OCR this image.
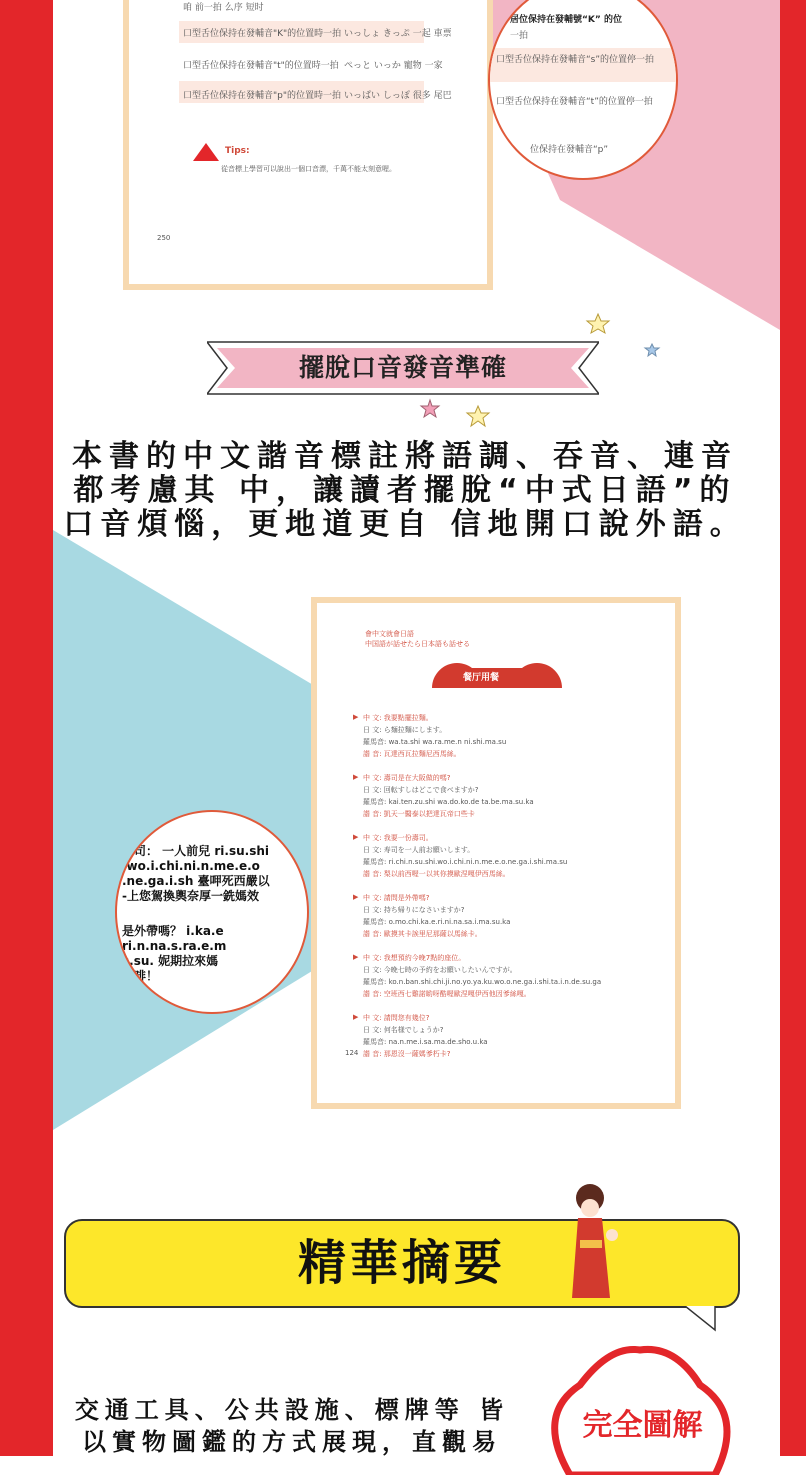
咱 前一拍 么序 短时
口型舌位保持在發輔音"K"的位置時一拍 いっしょ きっぷ 一起 車票
口型舌位保持在發輔音"t"的位置時一拍 ぺっと いっか 寵物 一家
口型舌位保持在發輔音"p"的位置時一拍 いっぱい しっぽ 很多 尾巴
Tips:
從音標上學習可以說出一個口音漂，千萬不能太刻意喔。
250
居位保持在發輔號“K” 的位
一拍
口型舌位保持在發輔音“s”的位置停一拍
口型舌位保持在發輔音“t”的位置停一拍
位保持在發輔音“p”
擺脫口音發音準確
本書的中文諧音標註將語調、吞音、連音
都考慮其 中，讓讀者擺脫“中式日語”的
口音煩惱，更地道更自 信地開口說外語。
會中文就會日語
中国語が話せたら日本語も話せる
餐厅用餐
中 文: 我要點擺拉麵。
日 文: ら麺拉麵にします。
羅馬音: wa.ta.shi wa.ra.me.n ni.shi.ma.su
諧 音: 瓦達西瓦拉麵尼西馬絲。
▶
中 文: 壽司是在大阪做的嗎?
日 文: 回転すしはどこで食べますか?
羅馬音: kai.ten.zu.shi wa.do.ko.de ta.be.ma.su.ka
諧 音: 凱天一醫泰以把達瓦帝口些卡
▶
中 文: 我要一份壽司。
日 文: 寿司を一人前お願いします。
羅馬音: ri.chi.n.su.shi.wo.i.chi.ni.n.me.e.o.ne.ga.i.shi.ma.su
諧 音: 梨以前西喔一以其你摸歐涅嘎伊西馬絲。
▶
中 文: 請問是外帶嗎?
日 文: 持ち帰りになさいますか?
羅馬音: o.mo.chi.ka.e.ri.ni.na.sa.i.ma.su.ka
諧 音: 歐摸其卡誒里尼那薩以馬絲卡。
▶
中 文: 我想預約今晚7點的座位。
日 文: 今晩七時の予約をお願いしたいんですが。
羅馬音: ko.n.ban.shi.chi.ji.no.yo.ya.ku.wo.o.ne.ga.i.shi.ta.i.n.de.su.ga
諧 音: 空班西七雞諾喲呀酷喔歐涅嘎伊西他因爹絲嘎。
▶
中 文: 請問您有幾位?
日 文: 何名様でしょうか?
羅馬音: na.n.me.i.sa.ma.de.sho.u.ka
諧 音: 那恩沒一薩媽爹朽卡?
▶
124
壽司： 一人前兒 ri.su.shi
.wo.i.chi.ni.n.me.e.o
.ne.ga.i.sh 臺呷死西嚴以
-上您駕換輿奈厚一銑媽效
是外帶嗎？ i.ka.e
ri.n.na.s.ra.e.m
s.su. 妮期拉來媽
塾啡！
精華摘要
交通工具、公共設施、標牌等 皆
以實物圖鑑的方式展現，直觀易	完全圖解
